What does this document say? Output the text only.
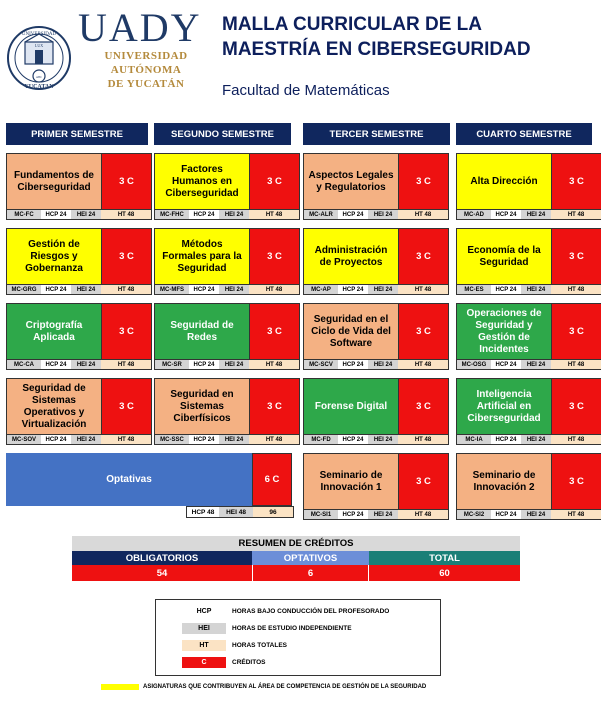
UNIVERSIDAD
LUX
YUCATAN
ABC
UADY
UNIVERSIDAD
AUTÓNOMA
DE YUCATÁN
MALLA CURRICULAR DE LA
MAESTRÍA EN CIBERSEGURIDAD
Facultad de Matemáticas
PRIMER SEMESTRE	SEGUNDO SEMESTRE	TERCER SEMESTRE	CUARTO SEMESTRE
Fundamentos de Ciberseguridad	3 C
MC-FC	HCP 24	HEI 24	HT 48
Gestión de Riesgos y Gobernanza
3 C
MC-GRG	HCP 24	HEI 24	HT 48
Criptografía Aplicada	3 C
MC-CA	HCP 24	HEI 24	HT 48
Seguridad de Sistemas Operativos y Virtualización
3 C
MC-SOV	HCP 24	HEI 24	HT 48
Factores Humanos en Ciberseguridad
3 C
MC-FHC	HCP 24	HEI 24	HT 48
Métodos Formales para la Seguridad
3 C
MC-MFS	HCP 24	HEI 24	HT 48
Seguridad de Redes	3 C
MC-SR	HCP 24	HEI 24	HT 48
Seguridad en Sistemas Ciberfísicos
3 C
MC-SSC	HCP 24	HEI 24	HT 48
Aspectos Legales y Regulatorios	3 C
MC-ALR	HCP 24	HEI 24	HT 48
Administración de Proyectos	3 C
MC-AP	HCP 24	HEI 24	HT 48
Seguridad en el Ciclo de Vida del Software
3 C
MC-SCV	HCP 24	HEI 24	HT 48
Forense Digital	3 C
MC-FD	HCP 24	HEI 24	HT 48
Seminario de Innovación 1	3 C
MC-SI1	HCP 24	HEI 24	HT 48
Alta Dirección	3 C
MC-AD	HCP 24	HEI 24	HT 48
Economía de la Seguridad	3 C
MC-ES	HCP 24	HEI 24	HT 48
Operaciones de Seguridad y Gestión de Incidentes
3 C
MC-OSG	HCP 24	HEI 24	HT 48
Inteligencia Artificial en Ciberseguridad
3 C
MC-IA	HCP 24	HEI 24	HT 48
Seminario de Innovación 2	3 C
MC-SI2	HCP 24	HEI 24	HT 48
Optativas	6 C
HCP 48	HEI 48	96
RESUMEN DE CRÉDITOS
OBLIGATORIOS	OPTATIVOS	TOTAL
54	6	60
HCP	HORAS BAJO CONDUCCIÓN DEL PROFESORADO
HEI	HORAS DE ESTUDIO INDEPENDIENTE
HT	HORAS TOTALES
C	CRÉDITOS
ASIGNATURAS QUE CONTRIBUYEN AL ÁREA DE COMPETENCIA DE GESTIÓN DE LA SEGURIDAD
